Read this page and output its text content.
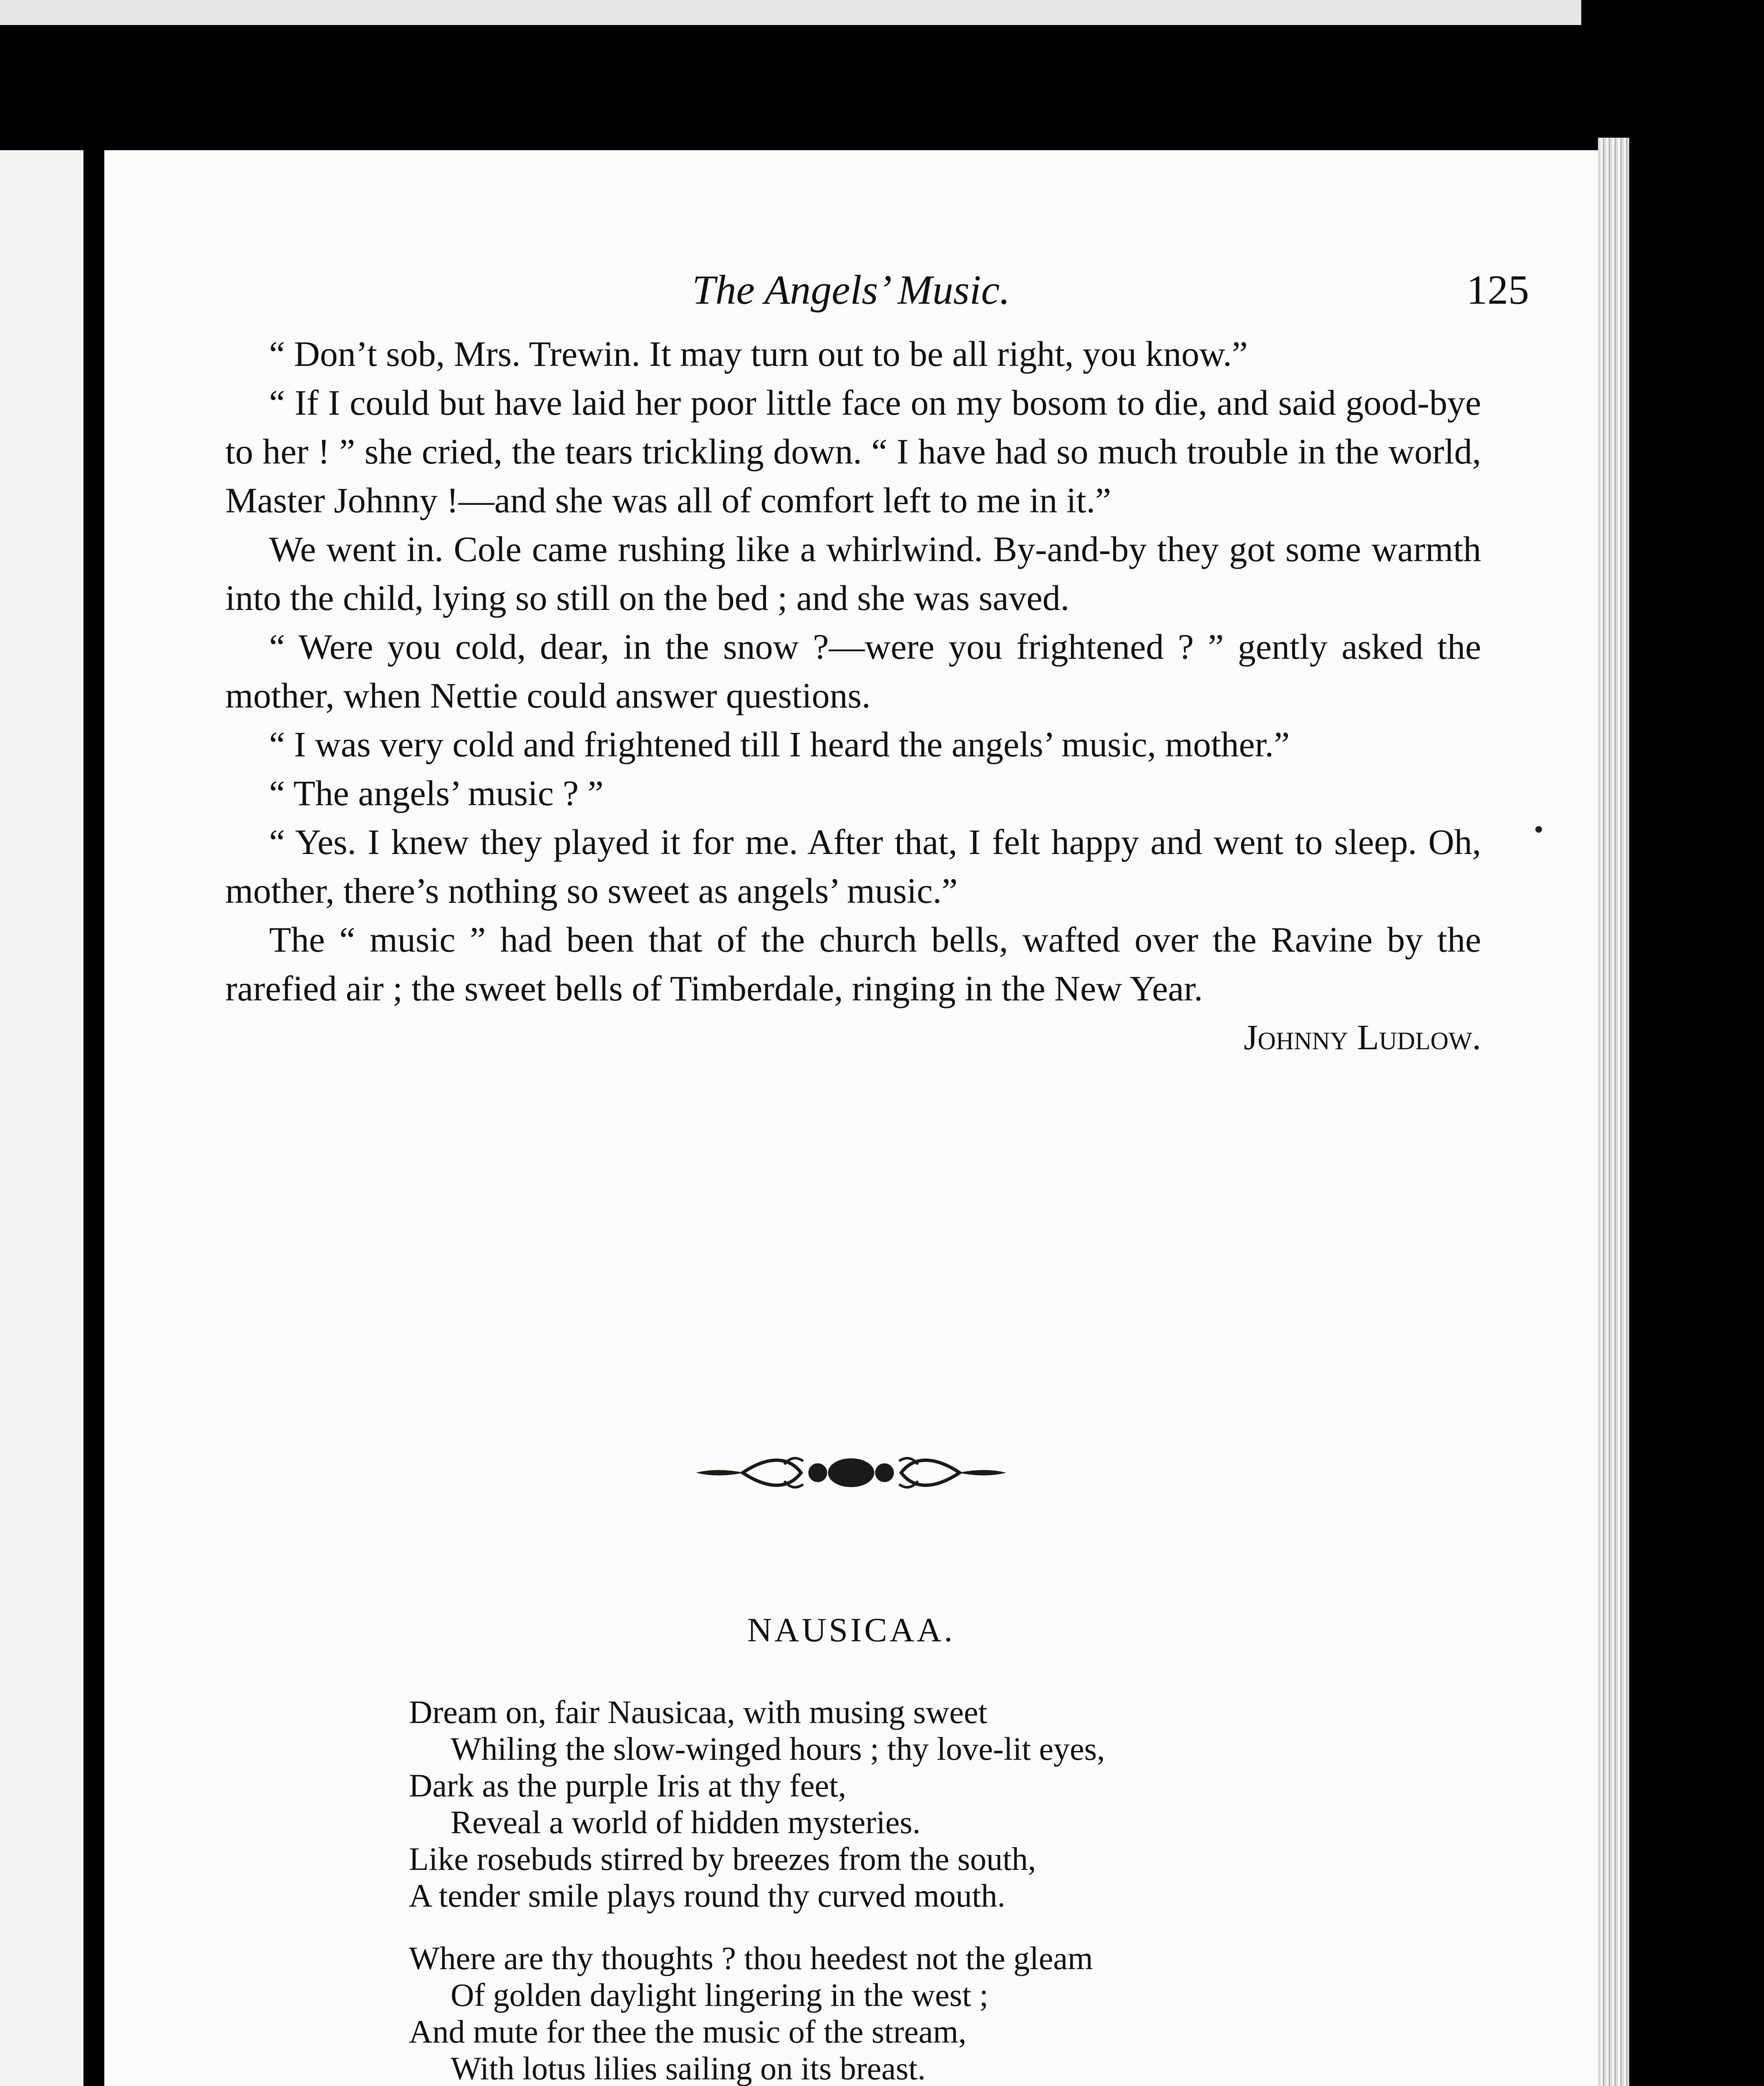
The Angels’ Music.	125

“ Don’t sob, Mrs. Trewin. It may turn out to be all right, you know.”

“ If I could but have laid her poor little face on my bosom to die, and said good-bye to her ! ” she cried, the tears trickling down. “ I have had so much trouble in the world, Master Johnny !—and she was all of comfort left to me in it.”

We went in. Cole came rushing like a whirlwind. By-and-by they got some warmth into the child, lying so still on the bed ; and she was saved.

“ Were you cold, dear, in the snow ?—were you frightened ? ” gently asked the mother, when Nettie could answer questions.

“ I was very cold and frightened till I heard the angels’ music, mother.”

“ The angels’ music ? ”

“ Yes. I knew they played it for me. After that, I felt happy and went to sleep. Oh, mother, there’s nothing so sweet as angels’ music.”

The “ music ” had been that of the church bells, wafted over the Ravine by the rarefied air ; the sweet bells of Timberdale, ringing in the New Year.

Johnny Ludlow.

NAUSICAA.
Dream on, fair Nausicaa, with musing sweet
Whiling the slow-winged hours ; thy love-lit eyes,
Dark as the purple Iris at thy feet,
Reveal a world of hidden mysteries.
Like rosebuds stirred by breezes from the south,
A tender smile plays round thy curved mouth.
Where are thy thoughts ? thou heedest not the gleam
Of golden daylight lingering in the west ;
And mute for thee the music of the stream,
With lotus lilies sailing on its breast.
